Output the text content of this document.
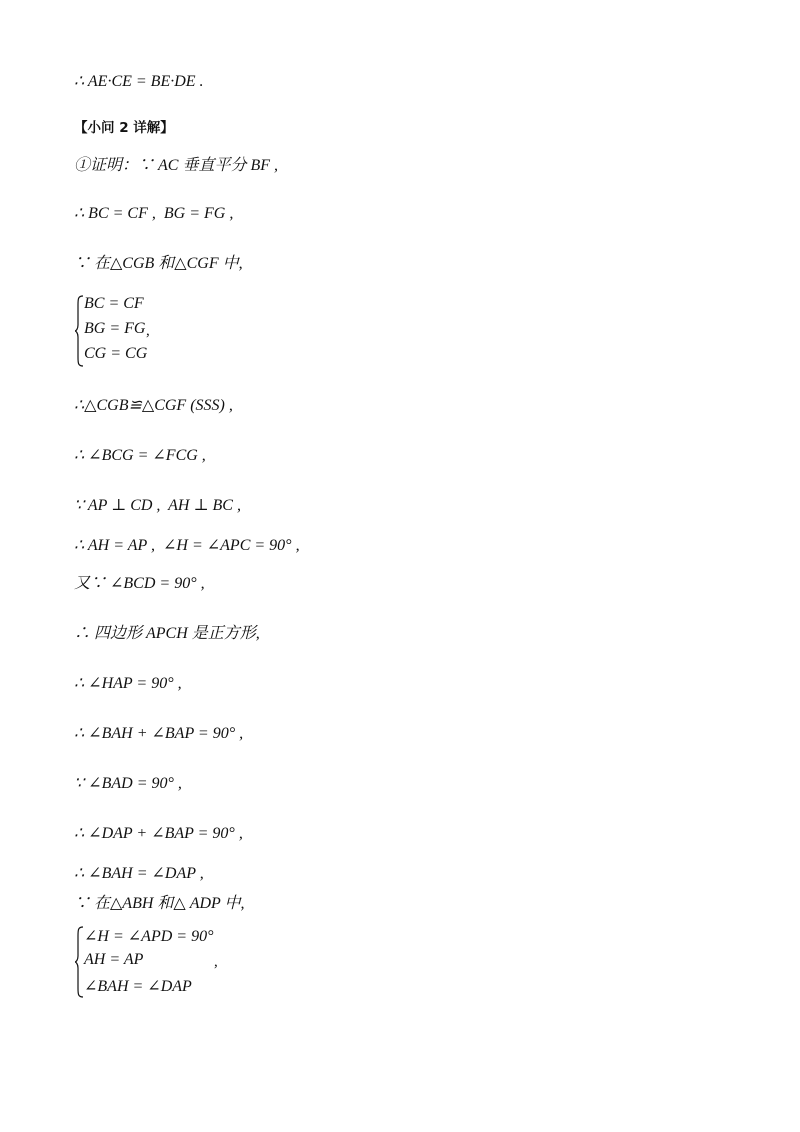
∴ AE·CE = BE·DE .
【小问 2 详解】
①证明：∵ AC 垂直平分 BF ,
∴ BC = CF ,  BG = FG ,
∵ 在△CGB 和△CGF 中,
BC = CF
BG = FG
CG = CG
,
∴△CGB≌△CGF (SSS) ,
∴ ∠BCG = ∠FCG ,
∵ AP ⊥ CD ,  AH ⊥ BC ,
∴ AH = AP ,  ∠H = ∠APC = 90° ,
又∵ ∠BCD = 90° ,
∴ 四边形 APCH 是正方形,
∴ ∠HAP = 90° ,
∴ ∠BAH + ∠BAP = 90° ,
∵ ∠BAD = 90° ,
∴ ∠DAP + ∠BAP = 90° ,
∴ ∠BAH = ∠DAP ,
∵ 在△ABH 和△ ADP 中,
∠H = ∠APD = 90°
AH = AP
∠BAH = ∠DAP
,
